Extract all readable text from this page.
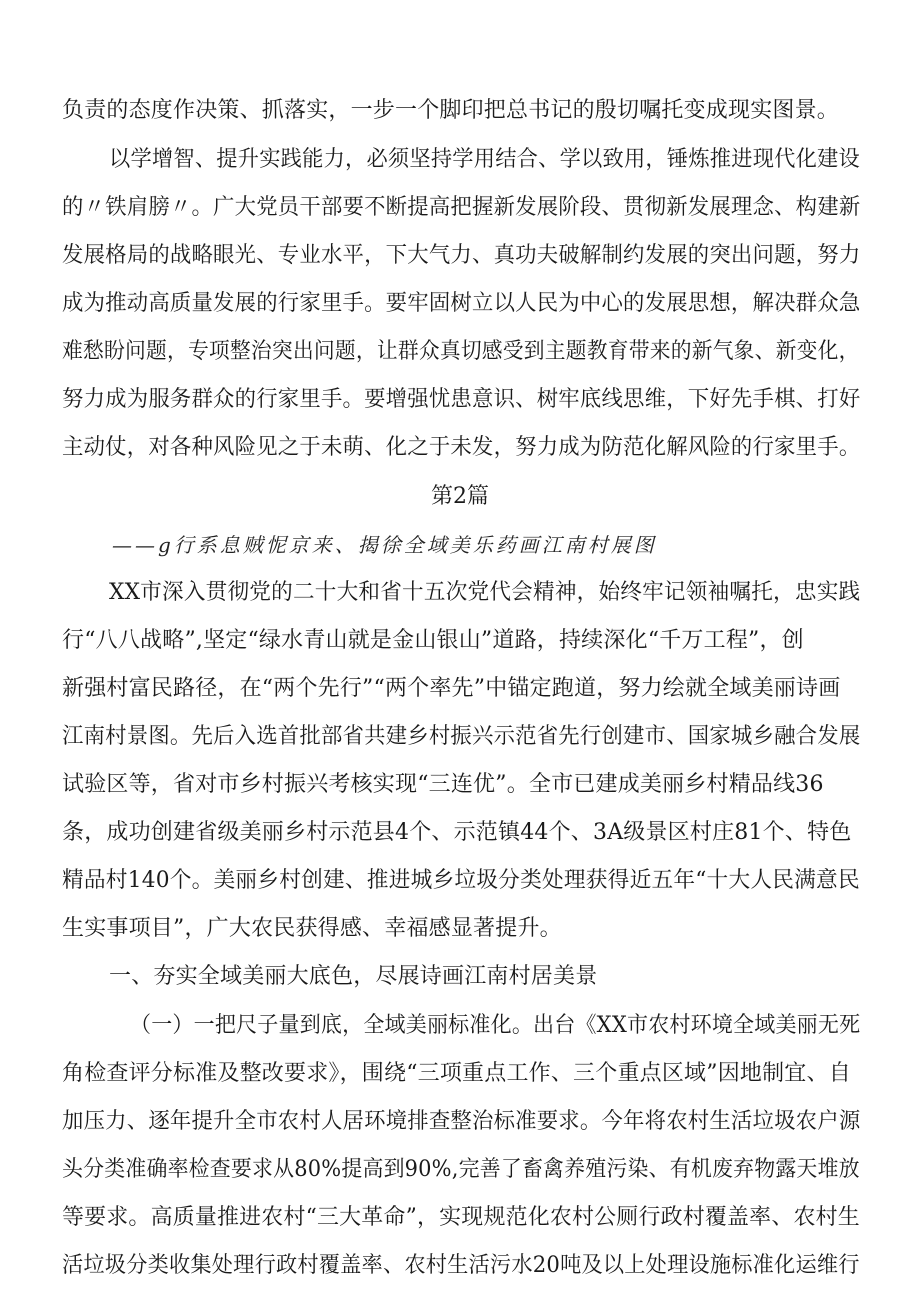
负责的态度作决策、抓落实，一步一个脚印把总书记的殷切嘱托变成现实图景。
以学增智、提升实践能力，必须坚持学用结合、学以致用，锤炼推进现代化建设
的〃铁肩膀〃。广大党员干部要不断提高把握新发展阶段、贯彻新发展理念、构建新
发展格局的战略眼光、专业水平，下大气力、真功夫破解制约发展的突出问题，努力
成为推动高质量发展的行家里手。要牢固树立以人民为中心的发展思想，解决群众急
难愁盼问题，专项整治突出问题，让群众真切感受到主题教育带来的新气象、新变化，
努力成为服务群众的行家里手。要增强忧患意识、树牢底线思维，下好先手棋、打好
主动仗，对各种风险见之于未萌、化之于未发，努力成为防范化解风险的行家里手。
第2篇
——g行系息贼怩京来、揭徐全域美乐药画江南村展图
XX市深入贯彻党的二十大和省十五次党代会精神，始终牢记领袖嘱托，忠实践
行“八八战略”,坚定“绿水青山就是金山银山”道路，持续深化“千万工程”，创
新强村富民路径，在“两个先行”“两个率先”中锚定跑道，努力绘就全域美丽诗画
江南村景图。先后入选首批部省共建乡村振兴示范省先行创建市、国家城乡融合发展
试验区等，省对市乡村振兴考核实现“三连优”。全市已建成美丽乡村精品线36
条，成功创建省级美丽乡村示范县4个、示范镇44个、3A级景区村庄81个、特色
精品村140个。美丽乡村创建、推进城乡垃圾分类处理获得近五年“十大人民满意民
生实事项目”，广大农民获得感、幸福感显著提升。
一、夯实全域美丽大底色，尽展诗画江南村居美景
（一）一把尺子量到底，全域美丽标准化。出台《XX市农村环境全域美丽无死
角检查评分标准及整改要求》，围绕“三项重点工作、三个重点区域”因地制宜、自
加压力、逐年提升全市农村人居环境排查整治标准要求。今年将农村生活垃圾农户源
头分类准确率检查要求从80%提高到90%,完善了畜禽养殖污染、有机废弃物露天堆放
等要求。高质量推进农村“三大革命”，实现规范化农村公厕行政村覆盖率、农村生
活垃圾分类收集处理行政村覆盖率、农村生活污水20吨及以上处理设施标准化运维行
